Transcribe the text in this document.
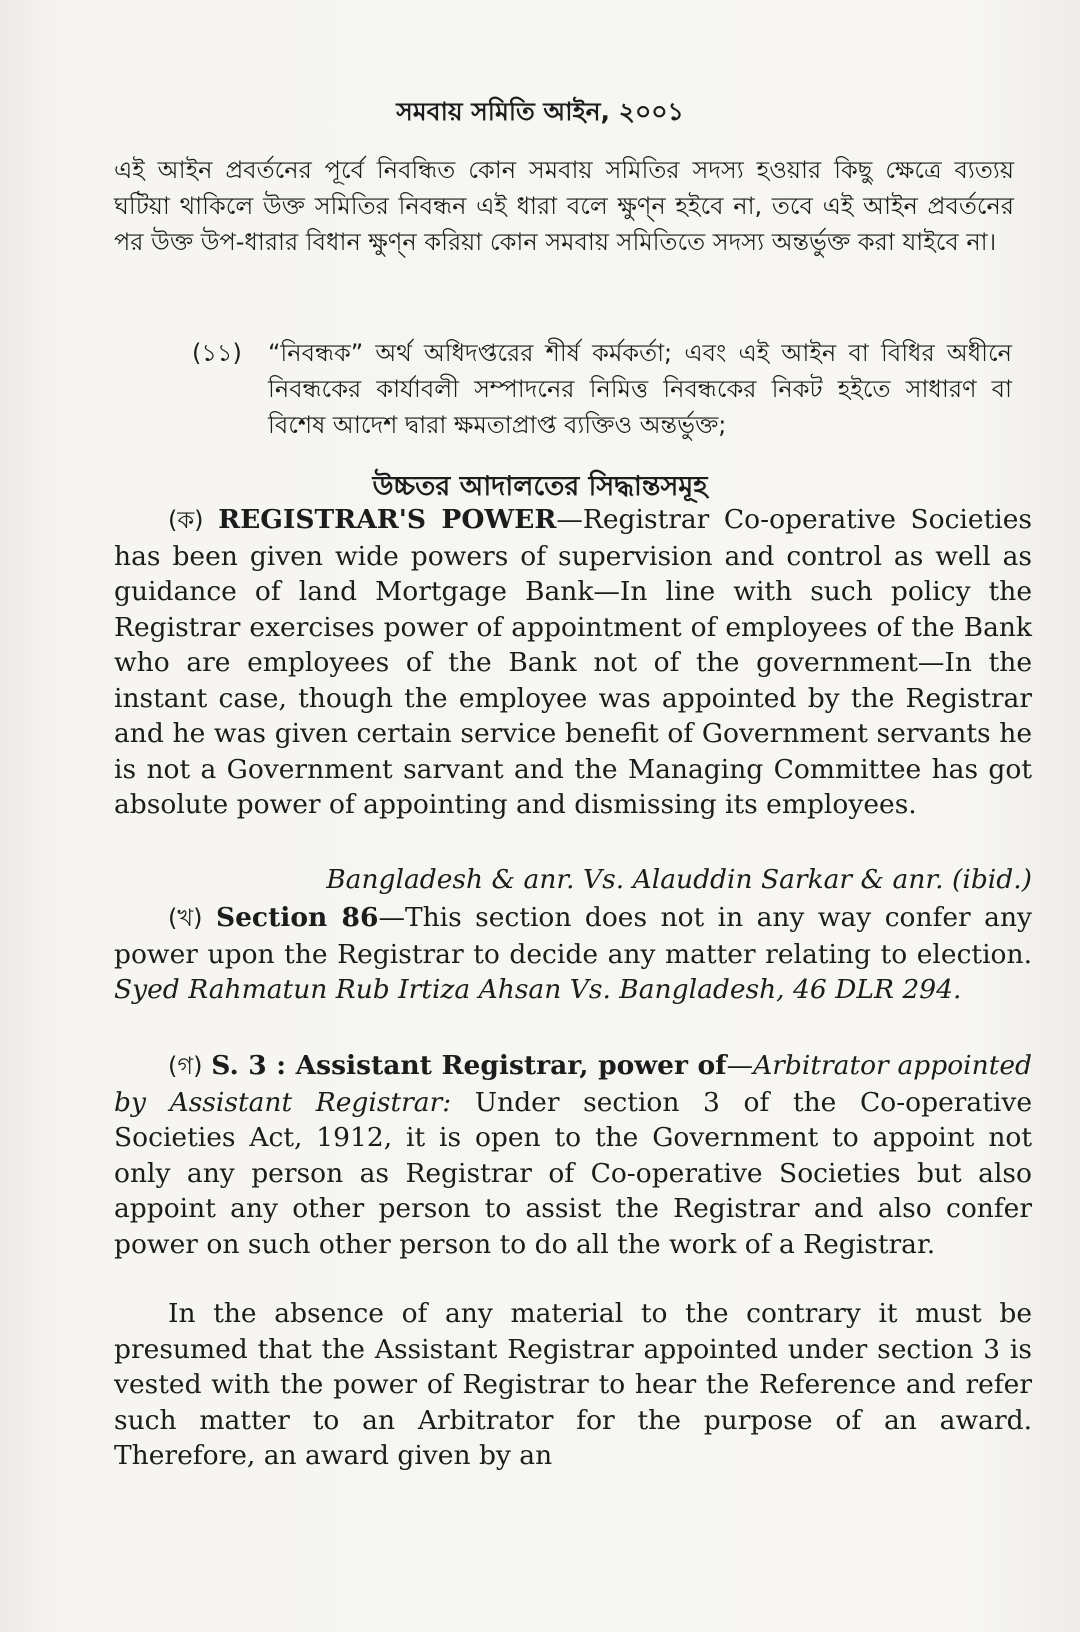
সমবায় সমিতি আইন, ২০০১
এই আইন প্রবর্তনের পূর্বে নিবন্ধিত কোন সমবায় সমিতির সদস্য হওয়ার কিছু ক্ষেত্রে ব্যত্যয় ঘটিয়া থাকিলে উক্ত সমিতির নিবন্ধন এই ধারা বলে ক্ষুণ্ন হইবে না, তবে এই আইন প্রবর্তনের পর উক্ত উপ-ধারার বিধান ক্ষুণ্ন করিয়া কোন সমবায় সমিতিতে সদস্য অন্তর্ভুক্ত করা যাইবে না।
(১১) “নিবন্ধক” অর্থ অধিদপ্তরের শীর্ষ কর্মকর্তা; এবং এই আইন বা বিধির অধীনে নিবন্ধকের কার্যাবলী সম্পাদনের নিমিত্ত নিবন্ধকের নিকট হইতে সাধারণ বা বিশেষ আদেশ দ্বারা ক্ষমতাপ্রাপ্ত ব্যক্তিও অন্তর্ভুক্ত;
উচ্চতর আদালতের সিদ্ধান্তসমূহ

(ক) REGISTRAR'S POWER—Registrar Co-operative Societies has been given wide powers of supervision and control as well as guidance of land Mortgage Bank—In line with such policy the Registrar exercises power of appointment of employees of the Bank who are employees of the Bank not of the government—In the instant case, though the employee was appointed by the Registrar and he was given certain service benefit of Government servants he is not a Government sarvant and the Managing Committee has got absolute power of appointing and dismissing its employees.

Bangladesh & anr. Vs. Alauddin Sarkar & anr. (ibid.)

(খ) Section 86—This section does not in any way confer any power upon the Registrar to decide any matter relating to election. Syed Rahmatun Rub Irtiza Ahsan Vs. Bangladesh, 46 DLR 294.

(গ) S. 3 : Assistant Registrar, power of—Arbitrator appointed by Assistant Registrar: Under section 3 of the Co-operative Societies Act, 1912, it is open to the Government to appoint not only any person as Registrar of Co-operative Societies but also appoint any other person to assist the Registrar and also confer power on such other person to do all the work of a Registrar.

In the absence of any material to the contrary it must be presumed that the Assistant Registrar appointed under section 3 is vested with the power of Registrar to hear the Reference and refer such matter to an Arbitrator for the purpose of an award. Therefore, an award given by an
